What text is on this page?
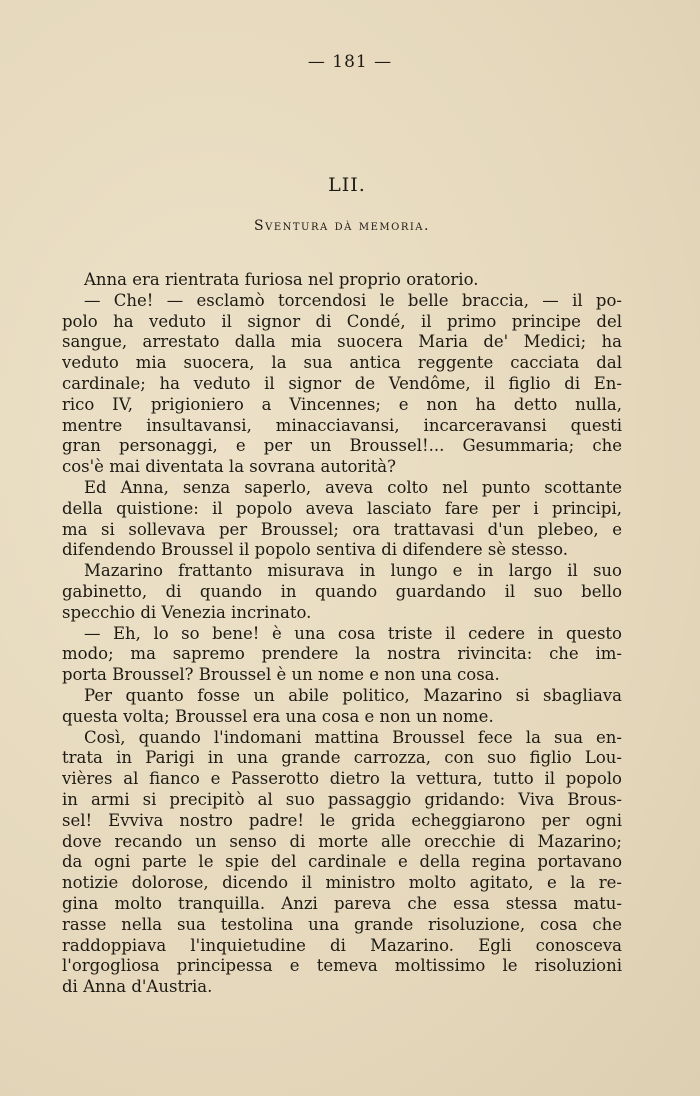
— 181 —
LII.
Sventura dà memoria.
Anna era rientrata furiosa nel proprio oratorio.
— Che! — esclamò torcendosi le belle braccia, — il po-
polo ha veduto il signor di Condé, il primo principe del
sangue, arrestato dalla mia suocera Maria de' Medici; ha
veduto mia suocera, la sua antica reggente cacciata dal
cardinale; ha veduto il signor de Vendôme, il figlio di En-
rico IV, prigioniero a Vincennes; e non ha detto nulla,
mentre insultavansi, minacciavansi, incarceravansi questi
gran personaggi, e per un Broussel!... Gesummaria; che
cos'è mai diventata la sovrana autorità?
Ed Anna, senza saperlo, aveva colto nel punto scottante
della quistione: il popolo aveva lasciato fare per i principi,
ma si sollevava per Broussel; ora trattavasi d'un plebeo, e
difendendo Broussel il popolo sentiva di difendere sè stesso.
Mazarino frattanto misurava in lungo e in largo il suo
gabinetto, di quando in quando guardando il suo bello
specchio di Venezia incrinato.
— Eh, lo so bene! è una cosa triste il cedere in questo
modo; ma sapremo prendere la nostra rivincita: che im-
porta Broussel? Broussel è un nome e non una cosa.
Per quanto fosse un abile politico, Mazarino si sbagliava
questa volta; Broussel era una cosa e non un nome.
Così, quando l'indomani mattina Broussel fece la sua en-
trata in Parigi in una grande carrozza, con suo figlio Lou-
vières al fianco e Passerotto dietro la vettura, tutto il popolo
in armi si precipitò al suo passaggio gridando: Viva Brous-
sel! Evviva nostro padre! le grida echeggiarono per ogni
dove recando un senso di morte alle orecchie di Mazarino;
da ogni parte le spie del cardinale e della regina portavano
notizie dolorose, dicendo il ministro molto agitato, e la re-
gina molto tranquilla. Anzi pareva che essa stessa matu-
rasse nella sua testolina una grande risoluzione, cosa che
raddoppiava l'inquietudine di Mazarino. Egli conosceva
l'orgogliosa principessa e temeva moltissimo le risoluzioni
di Anna d'Austria.
